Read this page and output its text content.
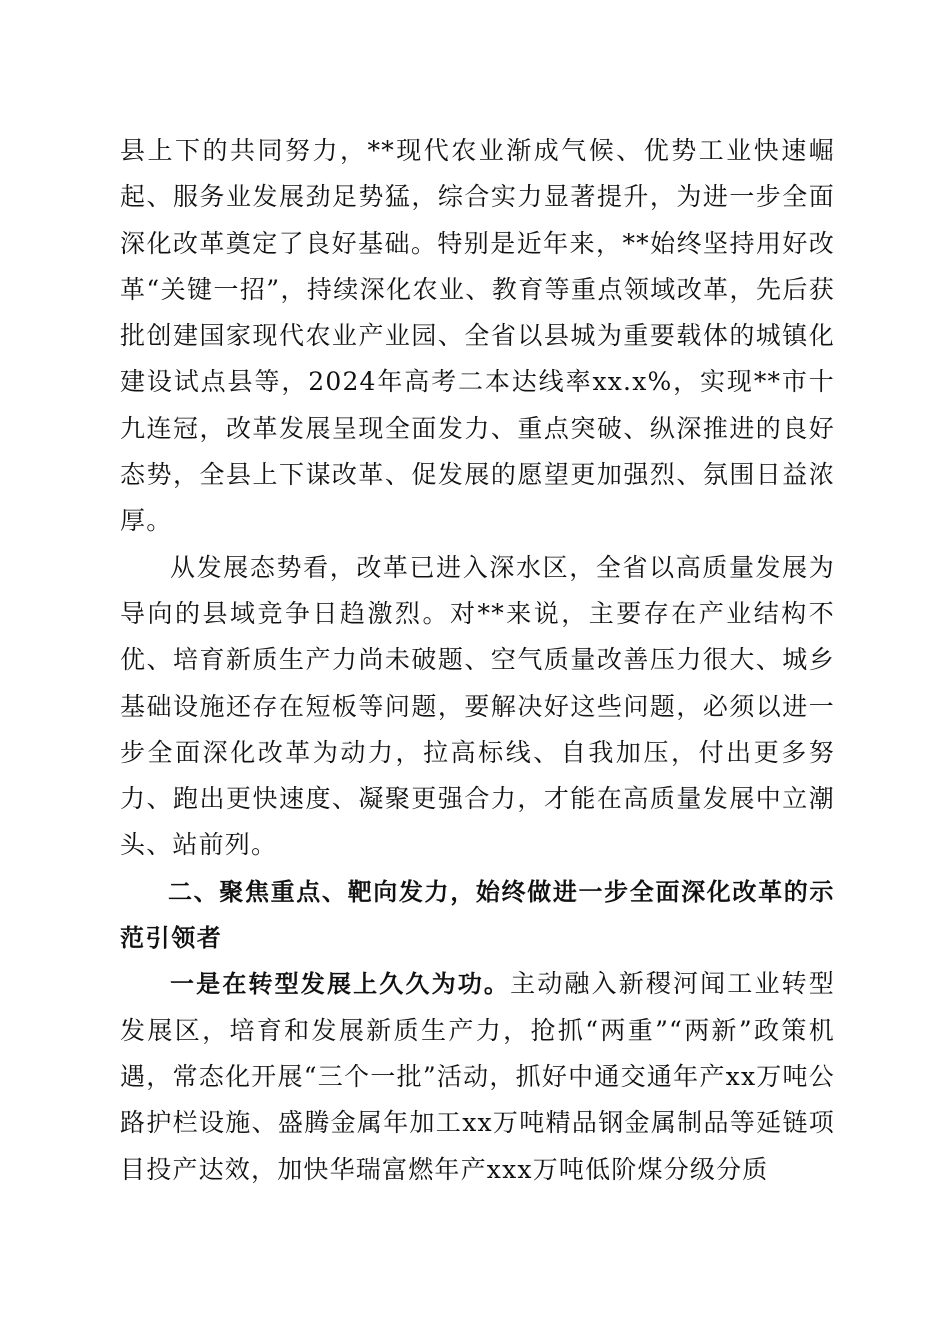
县上下的共同努力，**现代农业渐成气候、优势工业快速崛起、服务业发展劲足势猛，综合实力显著提升，为进一步全面深化改革奠定了良好基础。特别是近年来，**始终坚持用好改革“关键一招”，持续深化农业、教育等重点领域改革，先后获批创建国家现代农业产业园、全省以县城为重要载体的城镇化建设试点县等，2024年高考二本达线率xx.x%，实现**市十九连冠，改革发展呈现全面发力、重点突破、纵深推进的良好态势，全县上下谋改革、促发展的愿望更加强烈、氛围日益浓厚。

从发展态势看，改革已进入深水区，全省以高质量发展为导向的县域竞争日趋激烈。对**来说，主要存在产业结构不优、培育新质生产力尚未破题、空气质量改善压力很大、城乡基础设施还存在短板等问题，要解决好这些问题，必须以进一步全面深化改革为动力，拉高标线、自我加压，付出更多努力、跑出更快速度、凝聚更强合力，才能在高质量发展中立潮头、站前列。

二、聚焦重点、靶向发力，始终做进一步全面深化改革的示范引领者

一是在转型发展上久久为功。主动融入新稷河闻工业转型发展区，培育和发展新质生产力，抢抓“两重”“两新”政策机遇，常态化开展“三个一批”活动，抓好中通交通年产xx万吨公路护栏设施、盛腾金属年加工xx万吨精品钢金属制品等延链项目投产达效，加快华瑞富燃年产xxx万吨低阶煤分级分质
